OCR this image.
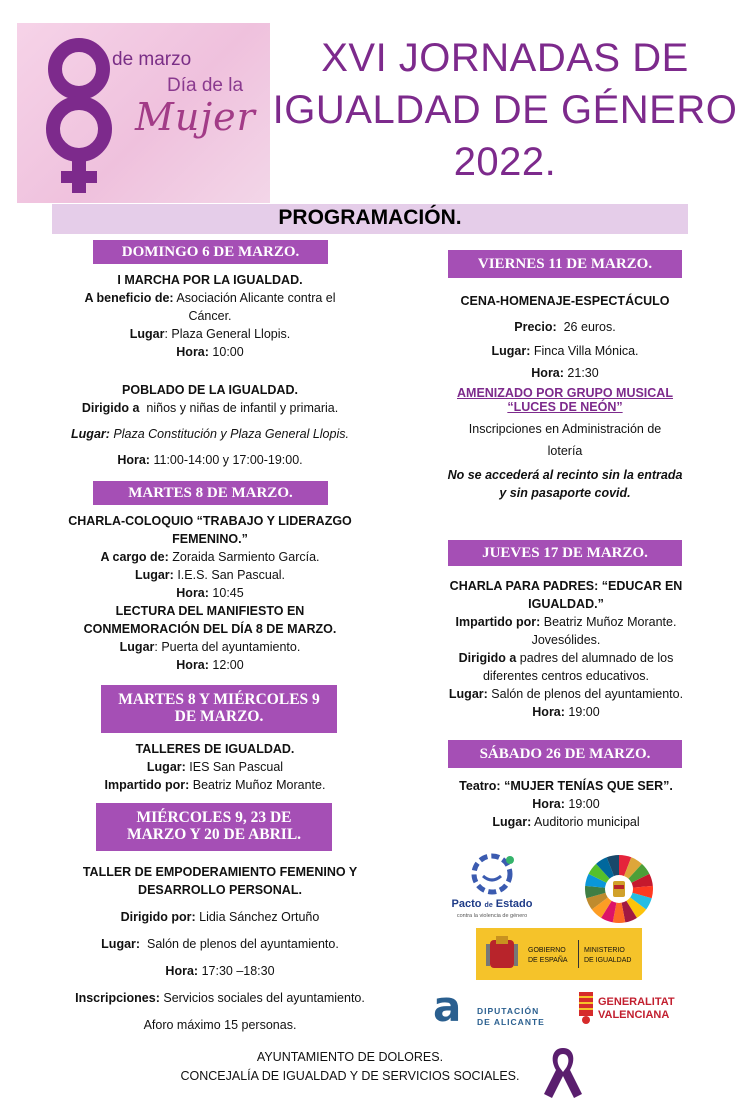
de marzo
Día de la
Mujer
XVI JORNADAS DE
IGUALDAD DE GÉNERO
2022.
PROGRAMACIÓN.
DOMINGO 6 DE MARZO.

I MARCHA POR LA IGUALDAD.

A beneficio de: Asociación Alicante contra el

Cáncer.

Lugar: Plaza General Llopis.

Hora: 10:00

POBLADO DE LA IGUALDAD.

Dirigido a niños y niñas de infantil y primaria.

Lugar: Plaza Constitución y Plaza General Llopis.

Hora: 11:00-14:00 y 17:00-19:00.

MARTES 8 DE MARZO.

CHARLA-COLOQUIO “TRABAJO Y LIDERAZGO

FEMENINO.”

A cargo de: Zoraida Sarmiento García.

Lugar: I.E.S. San Pascual.

Hora: 10:45

LECTURA DEL MANIFIESTO EN

CONMEMORACIÓN DEL DÍA 8 DE MARZO.

Lugar: Puerta del ayuntamiento.

Hora: 12:00

MARTES 8 Y MIÉRCOLES 9
DE MARZO.

TALLERES DE IGUALDAD.

Lugar: IES San Pascual

Impartido por: Beatriz Muñoz Morante.

MIÉRCOLES 9, 23 DE
MARZO Y 20 DE ABRIL.

TALLER DE EMPODERAMIENTO FEMENINO Y

DESARROLLO PERSONAL.

Dirigido por: Lidia Sánchez Ortuño

Lugar: Salón de plenos del ayuntamiento.

Hora: 17:30 –18:30

Inscripciones: Servicios sociales del ayuntamiento.

Aforo máximo 15 personas.

VIERNES 11 DE MARZO.

CENA-HOMENAJE-ESPECTÁCULO

Precio: 26 euros.

Lugar: Finca Villa Mónica.

Hora: 21:30

AMENIZADO POR GRUPO MUSICAL

“LUCES DE NEÓN”

Inscripciones en Administración de

lotería

No se accederá al recinto sin la entrada

y sin pasaporte covid.

JUEVES 17 DE MARZO.

CHARLA PARA PADRES: “EDUCAR EN

IGUALDAD.”

Impartido por: Beatriz Muñoz Morante.

Jovesólides.

Dirigido a padres del alumnado de los

diferentes centros educativos.

Lugar: Salón de plenos del ayuntamiento.

Hora: 19:00

SÁBADO 26 DE MARZO.

Teatro: “MUJER TENÍAS QUE SER”.

Hora: 19:00

Lugar: Auditorio municipal

Pacto de Estado
contra la violencia de género
GOBIERNO
DE ESPAÑA
MINISTERIO
DE IGUALDAD
a DIPUTACIÓN
DE ALICANTE
GENERALITAT
VALENCIANA
AYUNTAMIENTO DE DOLORES.
CONCEJALÍA DE IGUALDAD Y DE SERVICIOS SOCIALES.
